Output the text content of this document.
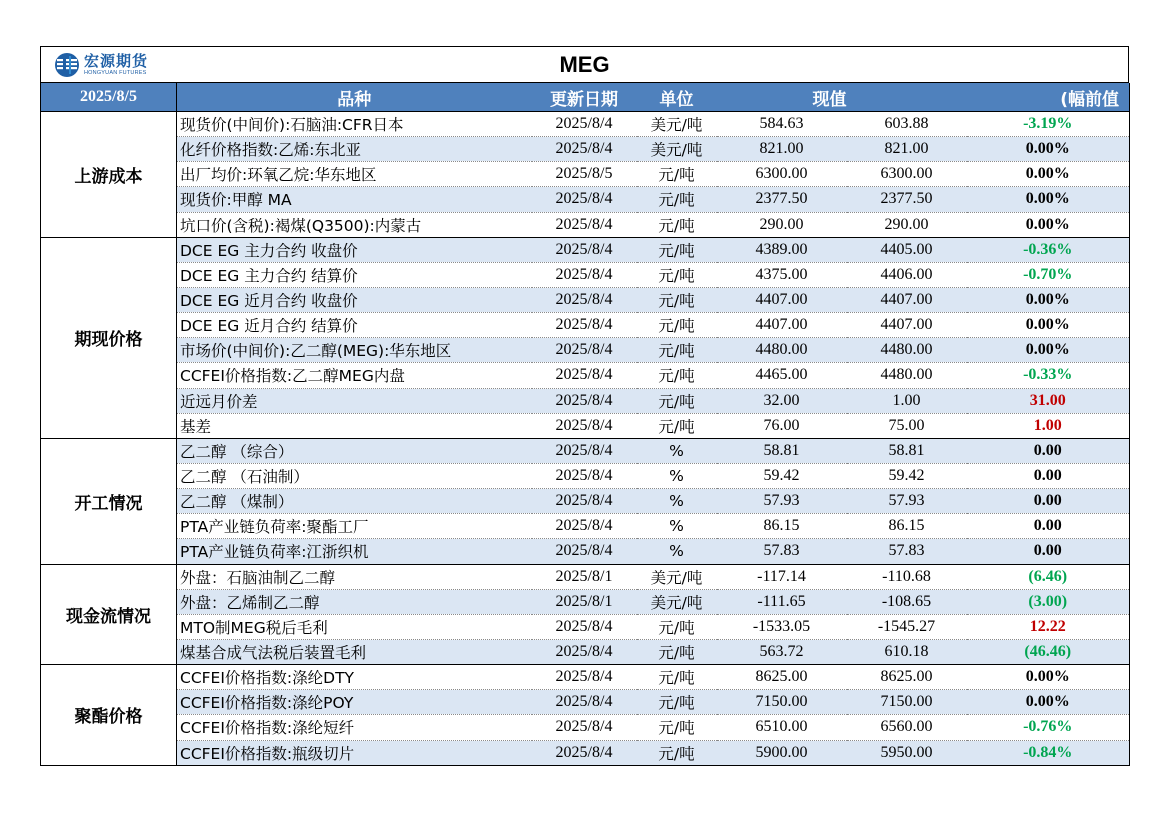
宏源期货
HONGYUAN FUTURES	MEG
2025/8/5	品种	更新日期	单位	现值		(幅前值
上游成本	现货价(中间价):石脑油:CFR日本	2025/8/4	美元/吨	584.63	603.88	-3.19%
	化纤价格指数:乙烯:东北亚	2025/8/4	美元/吨	821.00	821.00	0.00%
	出厂均价:环氧乙烷:华东地区	2025/8/5	元/吨	6300.00	6300.00	0.00%
	现货价:甲醇 MA	2025/8/4	元/吨	2377.50	2377.50	0.00%
	坑口价(含税):褐煤(Q3500):内蒙古	2025/8/4	元/吨	290.00	290.00	0.00%
期现价格	DCE EG 主力合约 收盘价	2025/8/4	元/吨	4389.00	4405.00	-0.36%
	DCE EG 主力合约 结算价	2025/8/4	元/吨	4375.00	4406.00	-0.70%
	DCE EG 近月合约 收盘价	2025/8/4	元/吨	4407.00	4407.00	0.00%
	DCE EG 近月合约 结算价	2025/8/4	元/吨	4407.00	4407.00	0.00%
	市场价(中间价):乙二醇(MEG):华东地区	2025/8/4	元/吨	4480.00	4480.00	0.00%
	CCFEI价格指数:乙二醇MEG内盘	2025/8/4	元/吨	4465.00	4480.00	-0.33%
	近远月价差	2025/8/4	元/吨	32.00	1.00	31.00
	基差	2025/8/4	元/吨	76.00	75.00	1.00
开工情况	乙二醇 （综合）	2025/8/4	%	58.81	58.81	0.00
	乙二醇 （石油制）	2025/8/4	%	59.42	59.42	0.00
	乙二醇 （煤制）	2025/8/4	%	57.93	57.93	0.00
	PTA产业链负荷率:聚酯工厂	2025/8/4	%	86.15	86.15	0.00
	PTA产业链负荷率:江浙织机	2025/8/4	%	57.83	57.83	0.00
现金流情况	外盘：石脑油制乙二醇	2025/8/1	美元/吨	-117.14	-110.68	(6.46)
	外盘：乙烯制乙二醇	2025/8/1	美元/吨	-111.65	-108.65	(3.00)
	MTO制MEG税后毛利	2025/8/4	元/吨	-1533.05	-1545.27	12.22
	煤基合成气法税后装置毛利	2025/8/4	元/吨	563.72	610.18	(46.46)
聚酯价格	CCFEI价格指数:涤纶DTY	2025/8/4	元/吨	8625.00	8625.00	0.00%
	CCFEI价格指数:涤纶POY	2025/8/4	元/吨	7150.00	7150.00	0.00%
	CCFEI价格指数:涤纶短纤	2025/8/4	元/吨	6510.00	6560.00	-0.76%
	CCFEI价格指数:瓶级切片	2025/8/4	元/吨	5900.00	5950.00	-0.84%
